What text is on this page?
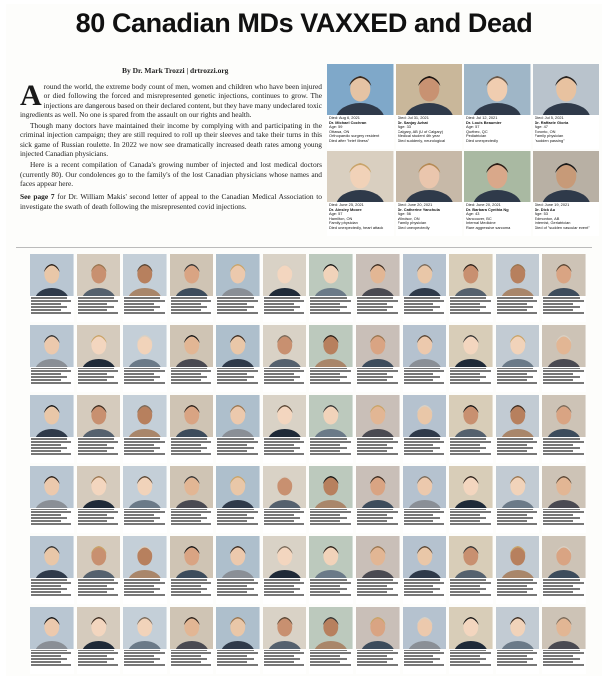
80 Canadian MDs VAXXED and Dead
By Dr. Mark Trozzi | drtrozzi.org

Around the world, the extreme body count of men, women and children who have been injured or died following the forced and misrepresented genetic injections, continues to grow. The injections are dangerous based on their declared content, but they have many undeclared toxic ingredients as well. No one is spared from the assault on our rights and health.

Though many doctors have maintained their income by complying with and participating in the criminal injection campaign; they are still required to roll up their sleeves and take their turns in this sick game of Russian roulette. In 2022 we now see dramatically increased death rates among young injected Canadian physicians.

Here is a recent compilation of Canada's growing number of injected and lost medical doctors (currently 80). Our condolences go to the family's of the lost Canadian physicians whose names and faces appear here.

See page 7 for Dr. William Makis' second letter of appeal to the Canadian Medical Association to investigate the swath of death following the misrepresented covid injections.

Died: Aug 6, 2021
Dr. Michael Cochran
Age: 59
Ottawa, ON
Orthopaedic surgery resident
Died after "brief illness"
Died: Jul 31, 2021
Dr. Sanjay Azhat
Age: 33
Calgary, AB (U of Calgary)
Medical student 4th year
Died suddenly, neurological
Died: Jul 12, 2021
Dr. Louis Beaumier
Age: 57
Québec, QC
Pediatrician
Died unexpectedly
Died: Jul 5, 2021
Dr. Raffaele Gioria
Age: 47
Toronto, ON
Family physician
"sudden passing"
Died: June 25, 2021
Dr. Ainsley Moore
Age: 57
Hamilton, ON
Family physician
Died unexpectedly, heart attack
Died: June 20, 2021
Dr. Catherine Yanchula
Age: 56
Windsor, ON
Family physician
Died unexpectedly
Died: June 20, 2021
Dr. Barbara Cynthia Ng
Age: 43
Vancouver, BC
Internal Medicine
Rare aggressive sarcoma
Died: June 19, 2021
Dr. Dick Au
Age: 53
Edmonton, AB
Internist, Geriatrician
Died of "sudden vascular event"
